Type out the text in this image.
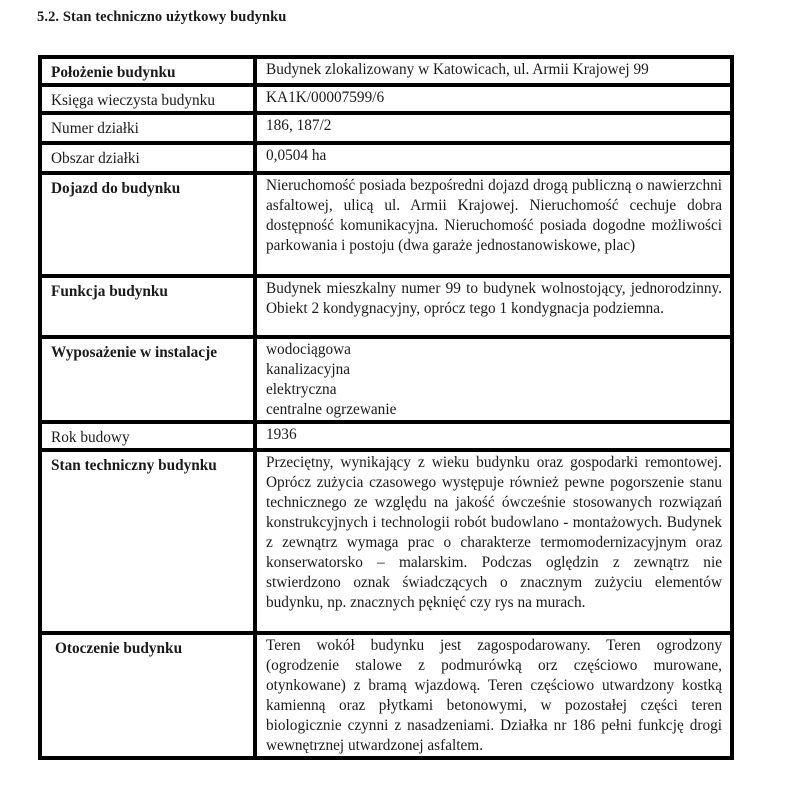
5.2. Stan techniczno użytkowy budynku
Położenie budynku	Budynek zlokalizowany w Katowicach, ul. Armii Krajowej 99

Księga wieczysta budynku	KA1K/00007599/6

Numer działki	186, 187/2

Obszar działki	0,0504 ha

Dojazd do budynku	Nieruchomość posiada bezpośredni dojazd drogą publiczną o nawierzchni asfaltowej, ulicą ul. Armii Krajowej. Nieruchomość cechuje dobra dostępność komunikacyjna. Nieruchomość posiada dogodne możliwości parkowania i postoju (dwa garaże jednostanowiskowe, plac)

Funkcja budynku	Budynek mieszkalny numer 99 to budynek wolnostojący, jednorodzinny. Obiekt 2 kondygnacyjny, oprócz tego 1 kondygnacja podziemna.

Wyposażenie w instalacje	wodociągowa
kanalizacyjna
elektryczna
centralne ogrzewanie

Rok budowy	1936

Stan techniczny budynku	Przeciętny, wynikający z wieku budynku oraz gospodarki remontowej. Oprócz zużycia czasowego występuje również pewne pogorszenie stanu technicznego ze względu na jakość ówcześnie stosowanych rozwiązań konstrukcyjnych i technologii robót budowlano - montażowych. Budynek z zewnątrz wymaga prac o charakterze termomodernizacyjnym oraz konserwatorsko – malarskim. Podczas oględzin z zewnątrz nie stwierdzono oznak świadczących o znacznym zużyciu elementów budynku, np. znacznych pęknięć czy rys na murach.

Otoczenie budynku	Teren wokół budynku jest zagospodarowany. Teren ogrodzony (ogrodzenie stalowe z podmurówką orz częściowo murowane, otynkowane) z bramą wjazdową. Teren częściowo utwardzony kostką kamienną oraz płytkami betonowymi, w pozostałej części teren biologicznie czynni z nasadzeniami. Działka nr 186 pełni funkcję drogi wewnętrznej utwardzonej asfaltem.
